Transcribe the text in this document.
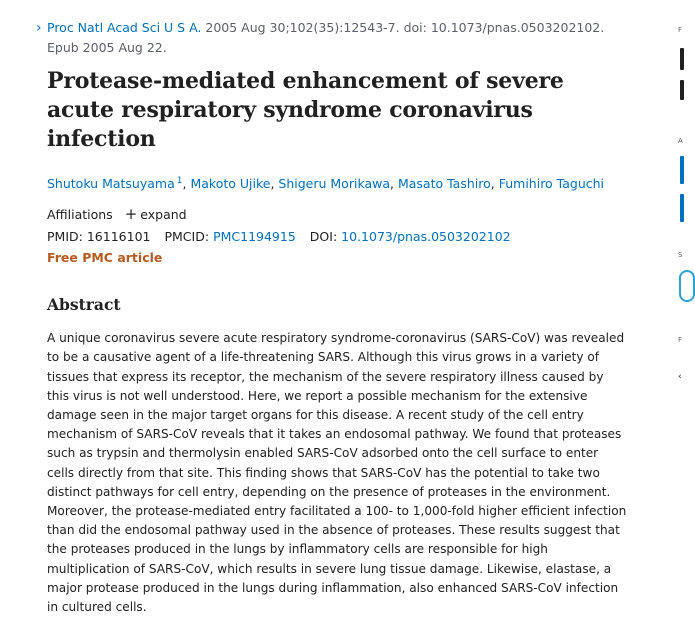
› Proc Natl Acad Sci U S A. 2005 Aug 30;102(35):12543-7. doi: 10.1073/pnas.0503202102.
Epub 2005 Aug 22.
Protease-mediated enhancement of severe acute respiratory syndrome coronavirus infection
Shutoku Matsuyama $^1$, Makoto Ujike, Shigeru Morikawa, Masato Tashiro, Fumihiro Taguchi
Affiliations + expand
PMID: 16116101 PMCID: PMC1194915 DOI: 10.1073/pnas.0503202102
Free PMC article
Abstract
A unique coronavirus severe acute respiratory syndrome-coronavirus (SARS-CoV) was revealed to be a causative agent of a life-threatening SARS. Although this virus grows in a variety of tissues that express its receptor, the mechanism of the severe respiratory illness caused by this virus is not well understood. Here, we report a possible mechanism for the extensive damage seen in the major target organs for this disease. A recent study of the cell entry mechanism of SARS-CoV reveals that it takes an endosomal pathway. We found that proteases such as trypsin and thermolysin enabled SARS-CoV adsorbed onto the cell surface to enter cells directly from that site. This finding shows that SARS-CoV has the potential to take two distinct pathways for cell entry, depending on the presence of proteases in the environment. Moreover, the protease-mediated entry facilitated a 100- to 1,000-fold higher efficient infection than did the endosomal pathway used in the absence of proteases. These results suggest that the proteases produced in the lungs by inflammatory cells are responsible for high multiplication of SARS-CoV, which results in severe lung tissue damage. Likewise, elastase, a major protease produced in the lungs during inflammation, also enhanced SARS-CoV infection in cultured cells.
F
A
S
F
‹
